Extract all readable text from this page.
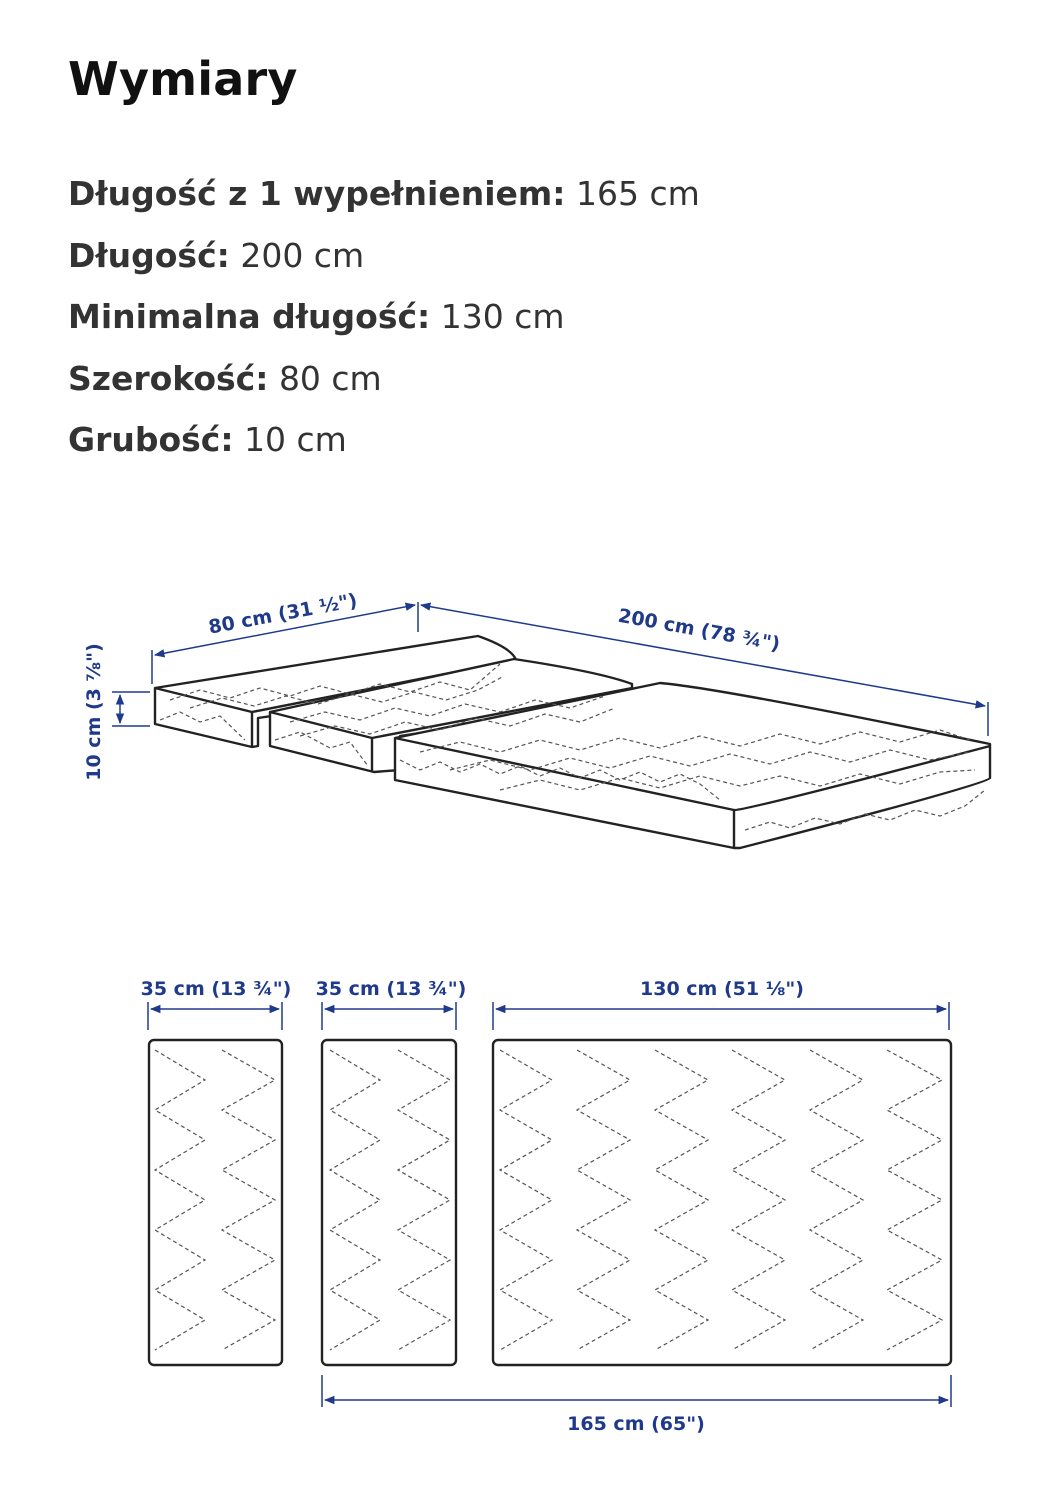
Wymiary
Długość z 1 wypełnieniem: 165 cm
Długość: 200 cm
Minimalna długość: 130 cm
Szerokość: 80 cm
Grubość: 10 cm
80 cm (31 ½")	200 cm (78 ¾")
10 cm (3 ⅞")
35 cm (13 ¾") 35 cm (13 ¾")	130 cm (51 ⅛")
165 cm (65")
